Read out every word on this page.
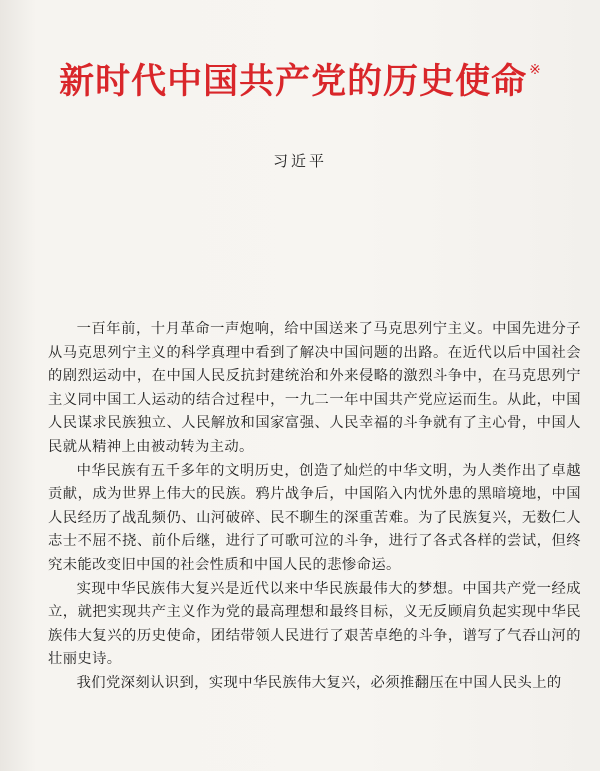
新时代中国共产党的历史使命 ※
习近平

一百年前，十月革命一声炮响，给中国送来了马克思列宁主义。中国先进分子从马克思列宁主义的科学真理中看到了解决中国问题的出路。在近代以后中国社会的剧烈运动中，在中国人民反抗封建统治和外来侵略的激烈斗争中，在马克思列宁主义同中国工人运动的结合过程中，一九二一年中国共产党应运而生。从此，中国人民谋求民族独立、人民解放和国家富强、人民幸福的斗争就有了主心骨，中国人民就从精神上由被动转为主动。

中华民族有五千多年的文明历史，创造了灿烂的中华文明，为人类作出了卓越贡献，成为世界上伟大的民族。鸦片战争后，中国陷入内忧外患的黑暗境地，中国人民经历了战乱频仍、山河破碎、民不聊生的深重苦难。为了民族复兴，无数仁人志士不屈不挠、前仆后继，进行了可歌可泣的斗争，进行了各式各样的尝试，但终究未能改变旧中国的社会性质和中国人民的悲惨命运。

实现中华民族伟大复兴是近代以来中华民族最伟大的梦想。中国共产党一经成立，就把实现共产主义作为党的最高理想和最终目标，义无反顾肩负起实现中华民族伟大复兴的历史使命，团结带领人民进行了艰苦卓绝的斗争，谱写了气吞山河的壮丽史诗。

我们党深刻认识到，实现中华民族伟大复兴，必须推翻压在中国人民头上的
